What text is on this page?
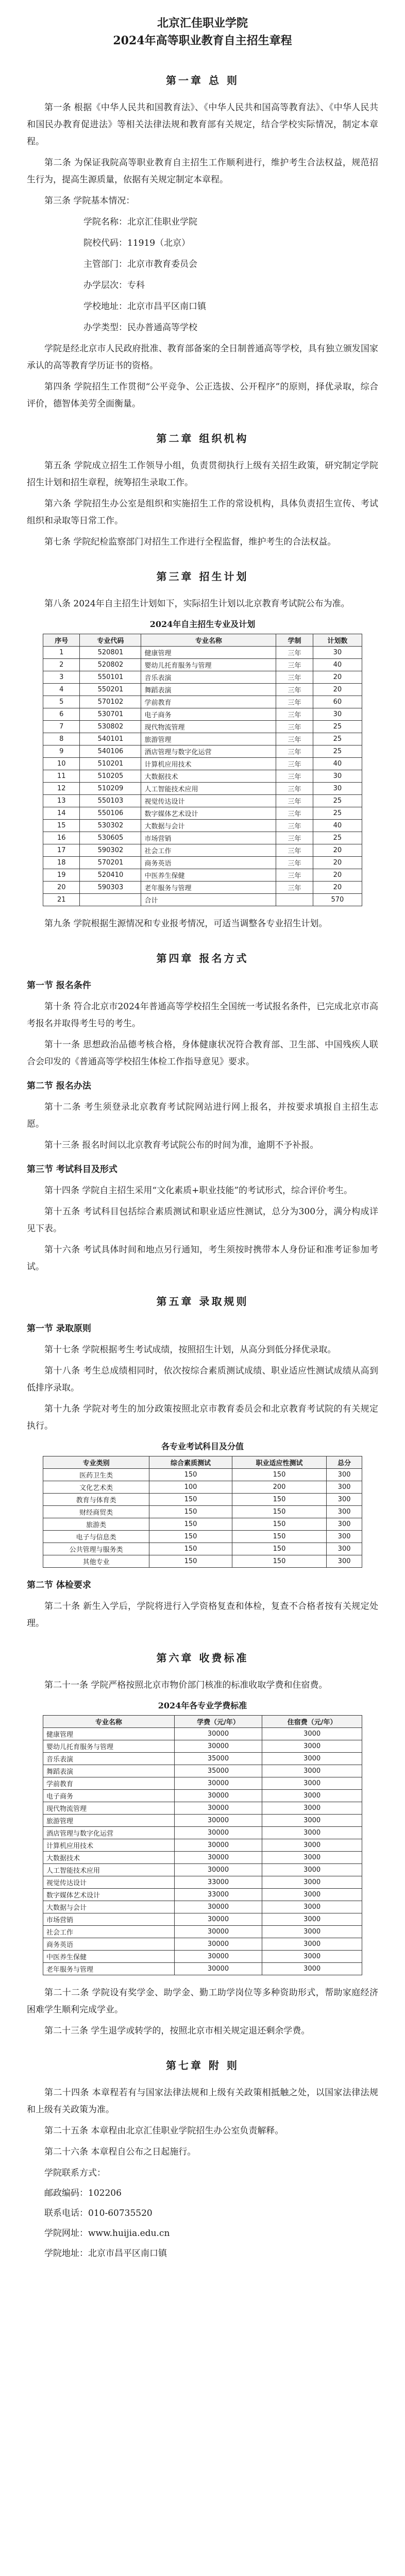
北京汇佳职业学院
2024年高等职业教育自主招生章程
第一章 总 则

第一条 根据《中华人民共和国教育法》、《中华人民共和国高等教育法》、《中华人民共和国民办教育促进法》等相关法律法规和教育部有关规定，结合学校实际情况，制定本章程。

第二条 为保证我院高等职业教育自主招生工作顺利进行，维护考生合法权益，规范招生行为，提高生源质量，依据有关规定制定本章程。

第三条 学院基本情况：

学院名称：北京汇佳职业学院

院校代码：11919（北京）

主管部门：北京市教育委员会

办学层次：专科

学校地址：北京市昌平区南口镇

办学类型：民办普通高等学校

学院是经北京市人民政府批准、教育部备案的全日制普通高等学校，具有独立颁发国家承认的高等教育学历证书的资格。

第四条 学院招生工作贯彻“公平竞争、公正选拔、公开程序”的原则，择优录取，综合评价，德智体美劳全面衡量。

第二章 组织机构

第五条 学院成立招生工作领导小组，负责贯彻执行上级有关招生政策，研究制定学院招生计划和招生章程，统筹招生录取工作。

第六条 学院招生办公室是组织和实施招生工作的常设机构，具体负责招生宣传、考试组织和录取等日常工作。

第七条 学院纪检监察部门对招生工作进行全程监督，维护考生的合法权益。

第三章 招生计划

第八条 2024年自主招生计划如下，实际招生计划以北京教育考试院公布为准。

2024年自主招生专业及计划
序号	专业代码	专业名称	学制	计划数
1	520801	健康管理	三年	30
2	520802	婴幼儿托育服务与管理	三年	40
3	550101	音乐表演	三年	20
4	550201	舞蹈表演	三年	20
5	570102	学前教育	三年	60
6	530701	电子商务	三年	30
7	530802	现代物流管理	三年	25
8	540101	旅游管理	三年	25
9	540106	酒店管理与数字化运营	三年	25
10	510201	计算机应用技术	三年	40
11	510205	大数据技术	三年	30
12	510209	人工智能技术应用	三年	30
13	550103	视觉传达设计	三年	25
14	550106	数字媒体艺术设计	三年	25
15	530302	大数据与会计	三年	40
16	530605	市场营销	三年	25
17	590302	社会工作	三年	20
18	570201	商务英语	三年	20
19	520410	中医养生保健	三年	20
20	590303	老年服务与管理	三年	20
21		合计		570

第九条 学院根据生源情况和专业报考情况，可适当调整各专业招生计划。

第四章 报名方式
第一节 报名条件

第十条 符合北京市2024年普通高等学校招生全国统一考试报名条件，已完成北京市高考报名并取得考生号的考生。

第十一条 思想政治品德考核合格，身体健康状况符合教育部、卫生部、中国残疾人联合会印发的《普通高等学校招生体检工作指导意见》要求。

第二节 报名办法

第十二条 考生须登录北京教育考试院网站进行网上报名，并按要求填报自主招生志愿。

第十三条 报名时间以北京教育考试院公布的时间为准，逾期不予补报。

第三节 考试科目及形式

第十四条 学院自主招生采用“文化素质+职业技能”的考试形式，综合评价考生。

第十五条 考试科目包括综合素质测试和职业适应性测试，总分为300分，满分构成详见下表。

第十六条 考试具体时间和地点另行通知，考生须按时携带本人身份证和准考证参加考试。

第五章 录取规则
第一节 录取原则

第十七条 学院根据考生考试成绩，按照招生计划，从高分到低分择优录取。

第十八条 考生总成绩相同时，依次按综合素质测试成绩、职业适应性测试成绩从高到低排序录取。

第十九条 学院对考生的加分政策按照北京市教育委员会和北京教育考试院的有关规定执行。

各专业考试科目及分值
专业类别	综合素质测试	职业适应性测试	总分
医药卫生类	150	150	300
文化艺术类	100	200	300
教育与体育类	150	150	300
财经商贸类	150	150	300
旅游类	150	150	300
电子与信息类	150	150	300
公共管理与服务类	150	150	300
其他专业	150	150	300
第二节 体检要求

第二十条 新生入学后，学院将进行入学资格复查和体检，复查不合格者按有关规定处理。

第六章 收费标准

第二十一条 学院严格按照北京市物价部门核准的标准收取学费和住宿费。

2024年各专业学费标准
专业名称	学费（元/年）	住宿费（元/年）
健康管理	30000	3000
婴幼儿托育服务与管理	30000	3000
音乐表演	35000	3000
舞蹈表演	35000	3000
学前教育	30000	3000
电子商务	30000	3000
现代物流管理	30000	3000
旅游管理	30000	3000
酒店管理与数字化运营	30000	3000
计算机应用技术	30000	3000
大数据技术	30000	3000
人工智能技术应用	30000	3000
视觉传达设计	33000	3000
数字媒体艺术设计	33000	3000
大数据与会计	30000	3000
市场营销	30000	3000
社会工作	30000	3000
商务英语	30000	3000
中医养生保健	30000	3000
老年服务与管理	30000	3000

第二十二条 学院设有奖学金、助学金、勤工助学岗位等多种资助形式，帮助家庭经济困难学生顺利完成学业。

第二十三条 学生退学或转学的，按照北京市相关规定退还剩余学费。

第七章 附 则

第二十四条 本章程若有与国家法律法规和上级有关政策相抵触之处，以国家法律法规和上级有关政策为准。

第二十五条 本章程由北京汇佳职业学院招生办公室负责解释。

第二十六条 本章程自公布之日起施行。

学院联系方式：

邮政编码：102206

联系电话：010-60735520

学院网址：www.huijia.edu.cn

学院地址：北京市昌平区南口镇
